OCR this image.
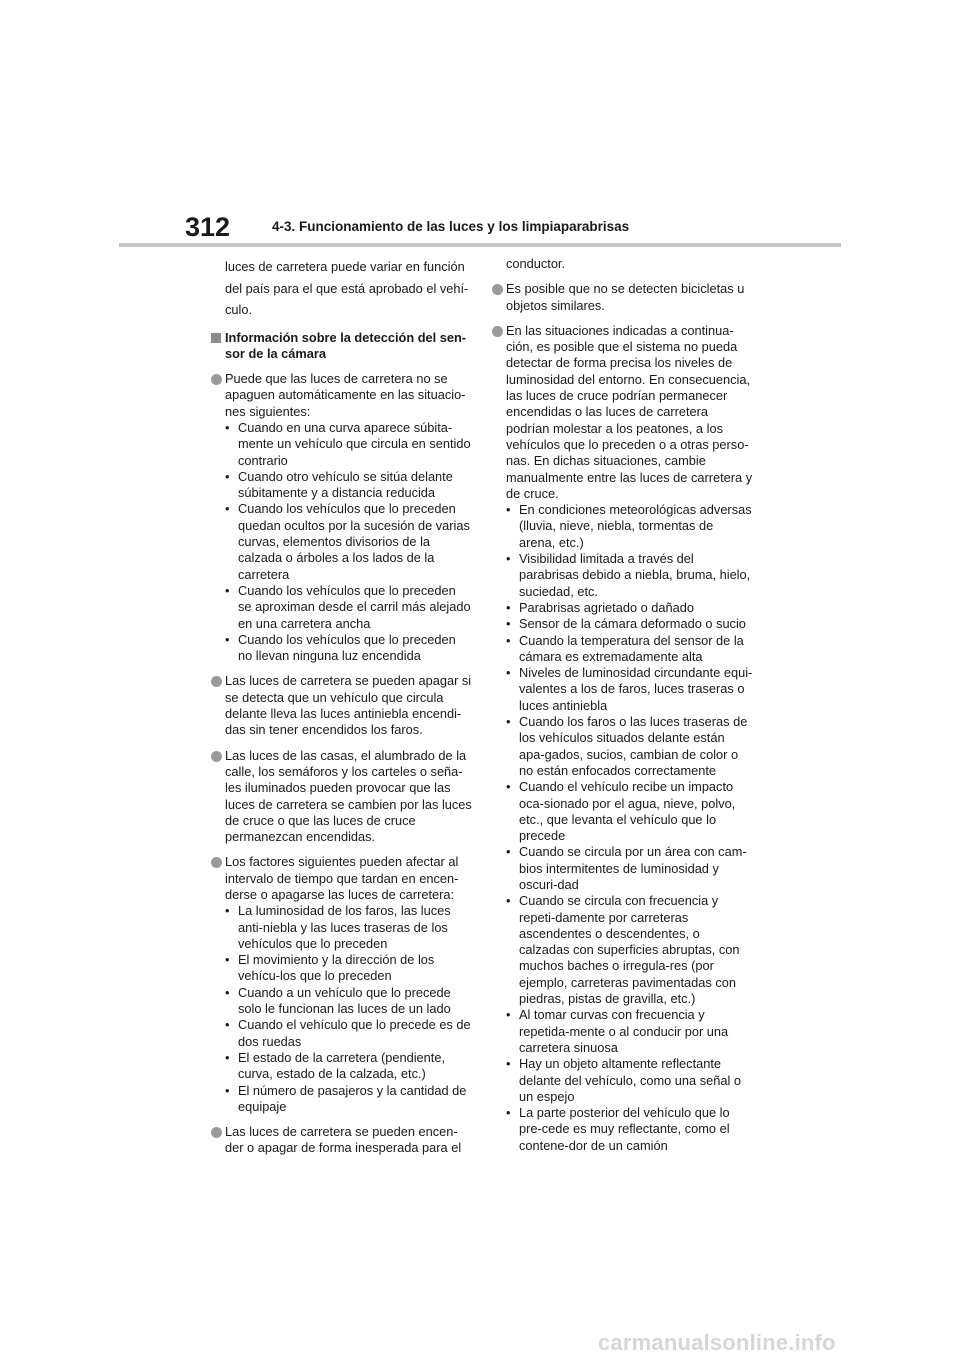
312	4-3. Funcionamiento de las luces y los limpiaparabrisas

luces de carretera puede variar en función del país para el que está aprobado el vehí-culo.

Información sobre la detección del sen-sor de la cámara
Puede que las luces de carretera no se apaguen automáticamente en las situacio-nes siguientes:
• Cuando en una curva aparece súbita-mente un vehículo que circula en sentido contrario
• Cuando otro vehículo se sitúa delante súbitamente y a distancia reducida
• Cuando los vehículos que lo preceden quedan ocultos por la sucesión de varias curvas, elementos divisorios de la calzada o árboles a los lados de la carretera
• Cuando los vehículos que lo preceden se aproximan desde el carril más alejado en una carretera ancha
• Cuando los vehículos que lo preceden no llevan ninguna luz encendida
Las luces de carretera se pueden apagar si se detecta que un vehículo que circula delante lleva las luces antiniebla encendi-das sin tener encendidos los faros.
Las luces de las casas, el alumbrado de la calle, los semáforos y los carteles o seña-les iluminados pueden provocar que las luces de carretera se cambien por las luces de cruce o que las luces de cruce permanezcan encendidas.
Los factores siguientes pueden afectar al intervalo de tiempo que tardan en encen-derse o apagarse las luces de carretera:
• La luminosidad de los faros, las luces anti-niebla y las luces traseras de los vehículos que lo preceden
• El movimiento y la dirección de los vehícu-los que lo preceden
• Cuando a un vehículo que lo precede solo le funcionan las luces de un lado
• Cuando el vehículo que lo precede es de dos ruedas
• El estado de la carretera (pendiente, curva, estado de la calzada, etc.)
• El número de pasajeros y la cantidad de equipaje
Las luces de carretera se pueden encen-der o apagar de forma inesperada para el

conductor.

Es posible que no se detecten bicicletas u objetos similares.
En las situaciones indicadas a continua-ción, es posible que el sistema no pueda detectar de forma precisa los niveles de luminosidad del entorno. En consecuencia, las luces de cruce podrían permanecer encendidas o las luces de carretera podrían molestar a los peatones, a los vehículos que lo preceden o a otras perso-nas. En dichas situaciones, cambie manualmente entre las luces de carretera y de cruce.
• En condiciones meteorológicas adversas (lluvia, nieve, niebla, tormentas de arena, etc.)
• Visibilidad limitada a través del parabrisas debido a niebla, bruma, hielo, suciedad, etc.
• Parabrisas agrietado o dañado
• Sensor de la cámara deformado o sucio
• Cuando la temperatura del sensor de la cámara es extremadamente alta
• Niveles de luminosidad circundante equi-valentes a los de faros, luces traseras o luces antiniebla
• Cuando los faros o las luces traseras de los vehículos situados delante están apa-gados, sucios, cambian de color o no están enfocados correctamente
• Cuando el vehículo recibe un impacto oca-sionado por el agua, nieve, polvo, etc., que levanta el vehículo que lo precede
• Cuando se circula por un área con cam-bios intermitentes de luminosidad y oscuri-dad
• Cuando se circula con frecuencia y repeti-damente por carreteras ascendentes o descendentes, o calzadas con superficies abruptas, con muchos baches o irregula-res (por ejemplo, carreteras pavimentadas con piedras, pistas de gravilla, etc.)
• Al tomar curvas con frecuencia y repetida-mente o al conducir por una carretera sinuosa
• Hay un objeto altamente reflectante delante del vehículo, como una señal o un espejo
• La parte posterior del vehículo que lo pre-cede es muy reflectante, como el contene-dor de un camión
carmanualsonline.info
